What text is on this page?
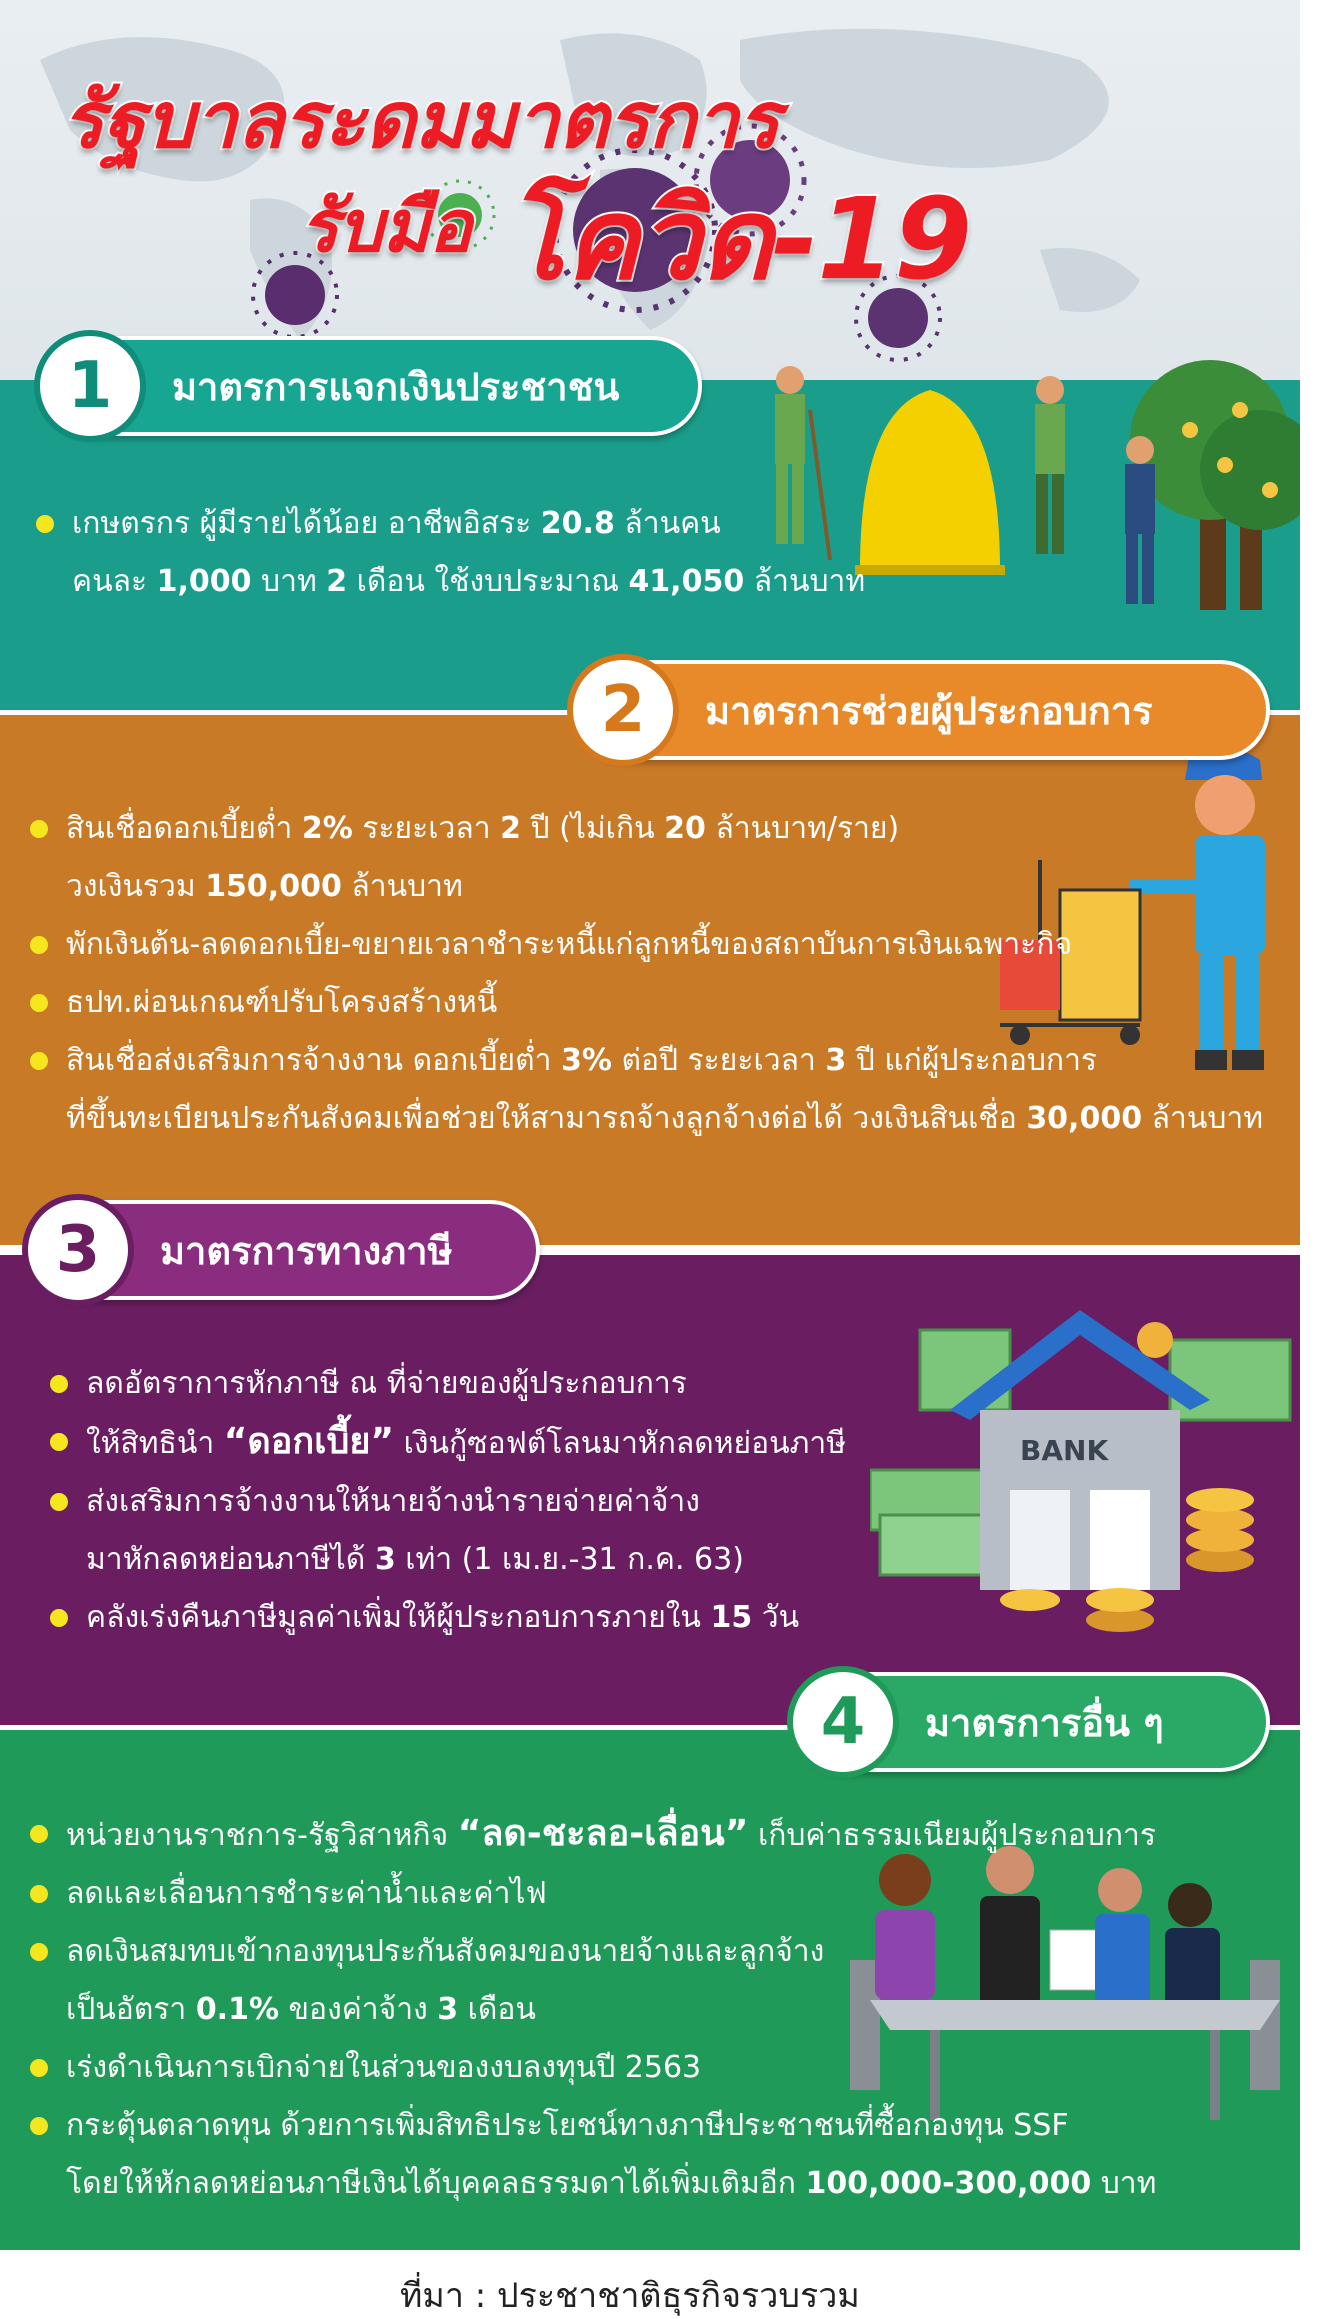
รัฐบาลระดมมาตรการ
รับมือ โควิด-19
BANK
1	มาตรการแจกเงินประชาชน
2	มาตรการช่วยผู้ประกอบการ
3	มาตรการทางภาษี
4	มาตรการอื่น ๆ
เกษตรกร ผู้มีรายได้น้อย อาชีพอิสระ 20.8 ล้านคน
คนละ 1,000 บาท 2 เดือน ใช้งบประมาณ 41,050 ล้านบาท
สินเชื่อดอกเบี้ยต่ำ 2% ระยะเวลา 2 ปี (ไม่เกิน 20 ล้านบาท/ราย)
วงเงินรวม 150,000 ล้านบาท
พักเงินต้น-ลดดอกเบี้ย-ขยายเวลาชำระหนี้แก่ลูกหนี้ของสถาบันการเงินเฉพาะกิจ
ธปท.ผ่อนเกณฑ์ปรับโครงสร้างหนี้
สินเชื่อส่งเสริมการจ้างงาน ดอกเบี้ยต่ำ 3% ต่อปี ระยะเวลา 3 ปี แก่ผู้ประกอบการ
ที่ขึ้นทะเบียนประกันสังคมเพื่อช่วยให้สามารถจ้างลูกจ้างต่อได้ วงเงินสินเชื่อ 30,000 ล้านบาท
ลดอัตราการหักภาษี ณ ที่จ่ายของผู้ประกอบการ
ให้สิทธินำ “ดอกเบี้ย” เงินกู้ซอฟต์โลนมาหักลดหย่อนภาษี
ส่งเสริมการจ้างงานให้นายจ้างนำรายจ่ายค่าจ้าง
มาหักลดหย่อนภาษีได้ 3 เท่า (1 เม.ย.-31 ก.ค. 63)
คลังเร่งคืนภาษีมูลค่าเพิ่มให้ผู้ประกอบการภายใน 15 วัน
หน่วยงานราชการ-รัฐวิสาหกิจ “ลด-ชะลอ-เลื่อน” เก็บค่าธรรมเนียมผู้ประกอบการ
ลดและเลื่อนการชำระค่าน้ำและค่าไฟ
ลดเงินสมทบเข้ากองทุนประกันสังคมของนายจ้างและลูกจ้าง
เป็นอัตรา 0.1% ของค่าจ้าง 3 เดือน
เร่งดำเนินการเบิกจ่ายในส่วนของงบลงทุนปี 2563
กระตุ้นตลาดทุน ด้วยการเพิ่มสิทธิประโยชน์ทางภาษีประชาชนที่ซื้อกองทุน SSF
โดยให้หักลดหย่อนภาษีเงินได้บุคคลธรรมดาได้เพิ่มเติมอีก 100,000-300,000 บาท
ที่มา : ประชาชาติธุรกิจรวบรวม
